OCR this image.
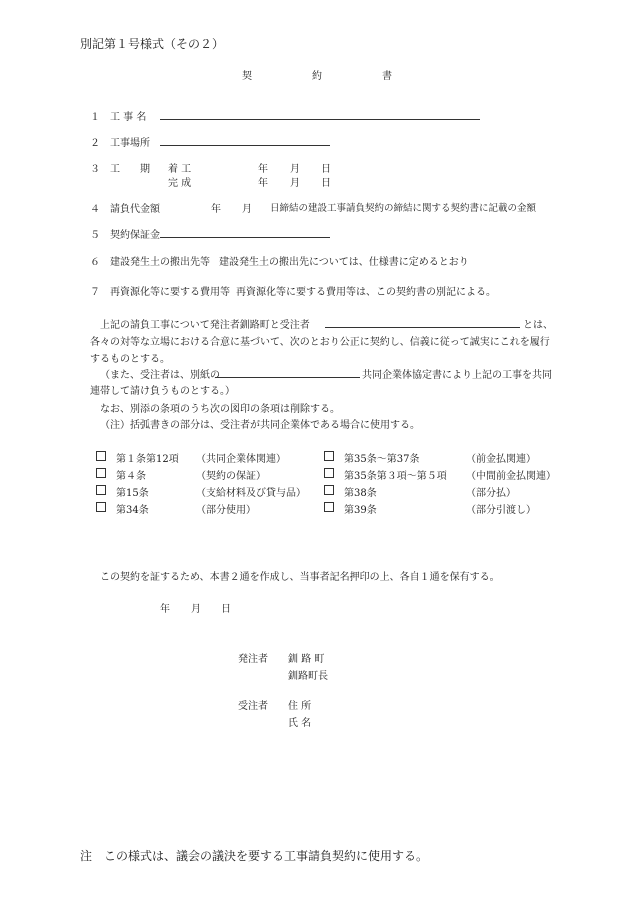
別記第１号様式（その２）
契	約	書
１ 工 事 名
２ 工事場所
３ 工 期 着 工	年 月 日
完 成	年 月 日
４ 請負代金額	年 月 日締結の建設工事請負契約の締結に関する契約書に記載の金額
５ 契約保証金
６ 建設発生土の搬出先等 建設発生土の搬出先については、仕様書に定めるとおり
７ 再資源化等に要する費用等 再資源化等に要する費用等は、この契約書の別記による。
上記の請負工事について発注者釧路町と受注者	とは、
各々の対等な立場における合意に基づいて、次のとおり公正に契約し、信義に従って誠実にこれを履行
するものとする。
（また、受注者は、別紙の	共同企業体協定書により上記の工事を共同
連帯して請け負うものとする。）
なお、別添の条項のうち次の図印の条項は削除する。
（注）括弧書きの部分は、受注者が共同企業体である場合に使用する。
第１条第12項 （共同企業体関連）
第４条	（契約の保証）
第15条	（支給材料及び貸与品）
第34条	（部分使用）
第35条～第37条	（前金払関連）
第35条第３項～第５項 （中間前金払関連）
第38条	（部分払）
第39条	（部分引渡し）
この契約を証するため、本書２通を作成し、当事者記名押印の上、各自１通を保有する。
年 月 日
発注者 釧 路 町
釧路町長
受注者 住 所
氏 名
注　この様式は、議会の議決を要する工事請負契約に使用する。
